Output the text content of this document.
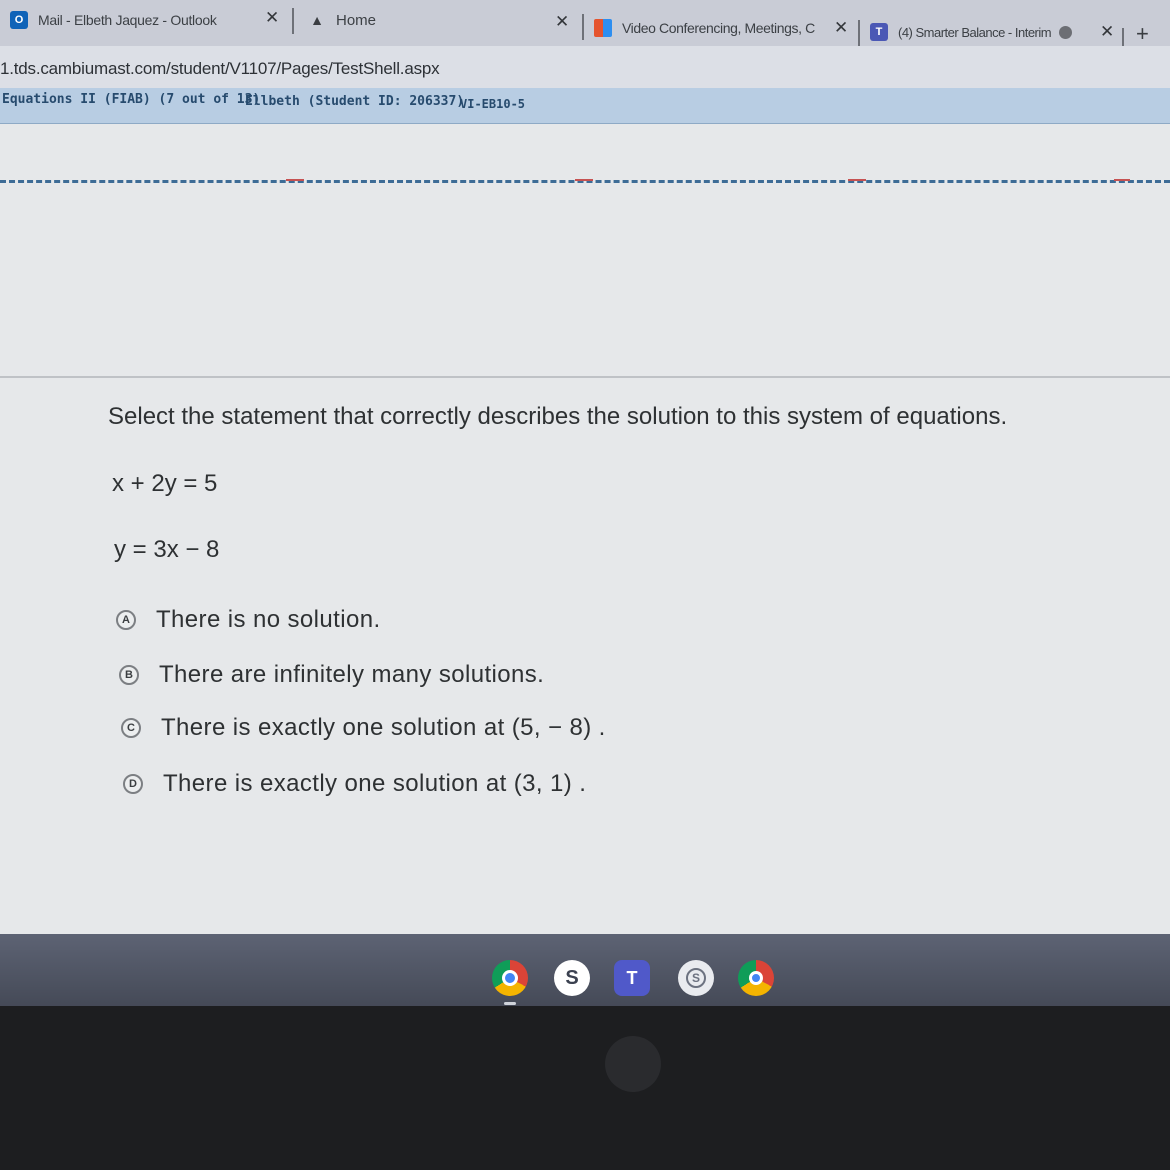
O	Mail - Elbeth Jaquez - Outlook	✕ ▲ Home	✕	Video Conferencing, Meetings, C ✕	T	(4) Smarter Balance - Interim	✕ +
1.tds.cambiumast.com/student/V1107/Pages/TestShell.aspx
Equations II (FIAB) (7 out of 13)
Ellbeth (Student ID: 206337)
VI-EB10-5
Select the statement that correctly describes the solution to this system of equations.
x + 2y = 5
y = 3x − 8
A There is no solution.
B There are infinitely many solutions.
C There is exactly one solution at (5, − 8) .
D There is exactly one solution at (3, 1) .
S	T	S
